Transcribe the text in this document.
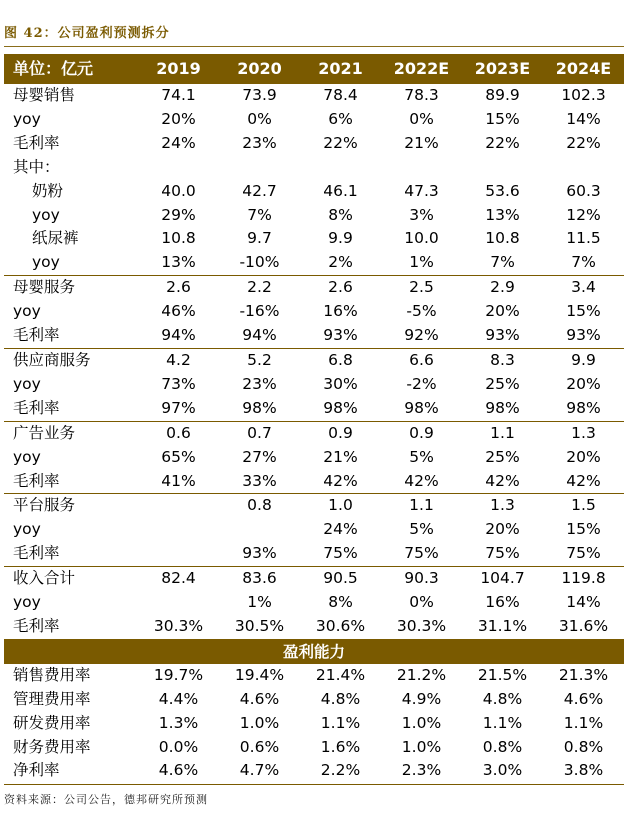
图 42：公司盈利预测拆分
单位：亿元	2019	2020	2021	2022E	2023E	2024E
母婴销售	74.1	73.9	78.4	78.3	89.9	102.3
yoy	20%	0%	6%	0%	15%	14%
毛利率	24%	23%	22%	21%	22%	22%
其中：						
奶粉	40.0	42.7	46.1	47.3	53.6	60.3
yoy	29%	7%	8%	3%	13%	12%
纸尿裤	10.8	9.7	9.9	10.0	10.8	11.5
yoy	13%	-10%	2%	1%	7%	7%
母婴服务	2.6	2.2	2.6	2.5	2.9	3.4
yoy	46%	-16%	16%	-5%	20%	15%
毛利率	94%	94%	93%	92%	93%	93%
供应商服务	4.2	5.2	6.8	6.6	8.3	9.9
yoy	73%	23%	30%	-2%	25%	20%
毛利率	97%	98%	98%	98%	98%	98%
广告业务	0.6	0.7	0.9	0.9	1.1	1.3
yoy	65%	27%	21%	5%	25%	20%
毛利率	41%	33%	42%	42%	42%	42%
平台服务		0.8	1.0	1.1	1.3	1.5
yoy			24%	5%	20%	15%
毛利率		93%	75%	75%	75%	75%
收入合计	82.4	83.6	90.5	90.3	104.7	119.8
yoy		1%	8%	0%	16%	14%
毛利率	30.3%	30.5%	30.6%	30.3%	31.1%	31.6%
盈利能力						
销售费用率	19.7%	19.4%	21.4%	21.2%	21.5%	21.3%
管理费用率	4.4%	4.6%	4.8%	4.9%	4.8%	4.6%
研发费用率	1.3%	1.0%	1.1%	1.0%	1.1%	1.1%
财务费用率	0.0%	0.6%	1.6%	1.0%	0.8%	0.8%
净利率	4.6%	4.7%	2.2%	2.3%	3.0%	3.8%
资料来源：公司公告，德邦研究所预测
